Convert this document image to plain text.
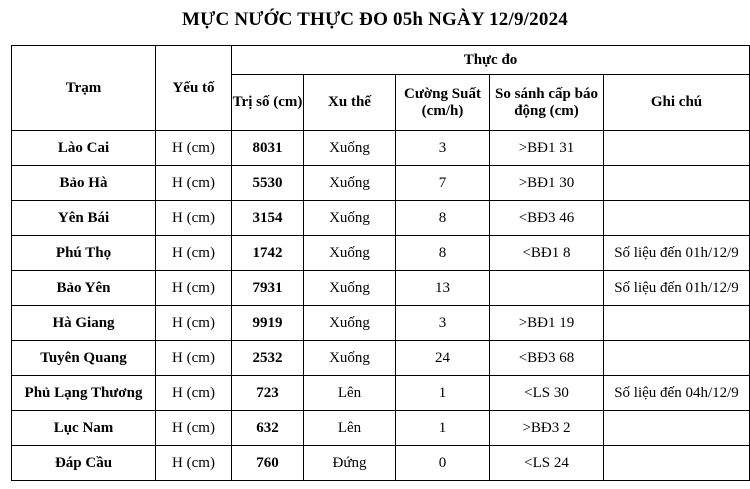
MỰC NƯỚC THỰC ĐO 05h NGÀY 12/9/2024
Trạm	Yếu tố	Thực đo				
		Trị số (cm)	Xu thế	Cường Suất (cm/h)	So sánh cấp báo động (cm)	Ghi chú
Lào Cai	H (cm)	8031	Xuống	3	>BĐ1 31	
Bảo Hà	H (cm)	5530	Xuống	7	>BĐ1 30	
Yên Bái	H (cm)	3154	Xuống	8	<BĐ3 46	
Phú Thọ	H (cm)	1742	Xuống	8	<BĐ1 8	Số liệu đến 01h/12/9
Bảo Yên	H (cm)	7931	Xuống	13		Số liệu đến 01h/12/9
Hà Giang	H (cm)	9919	Xuống	3	>BĐ1 19	
Tuyên Quang	H (cm)	2532	Xuống	24	<BĐ3 68	
Phủ Lạng Thương	H (cm)	723	Lên	1	<LS 30	Số liệu đến 04h/12/9
Lục Nam	H (cm)	632	Lên	1	>BĐ3 2	
Đáp Cầu	H (cm)	760	Đứng	0	<LS 24	
